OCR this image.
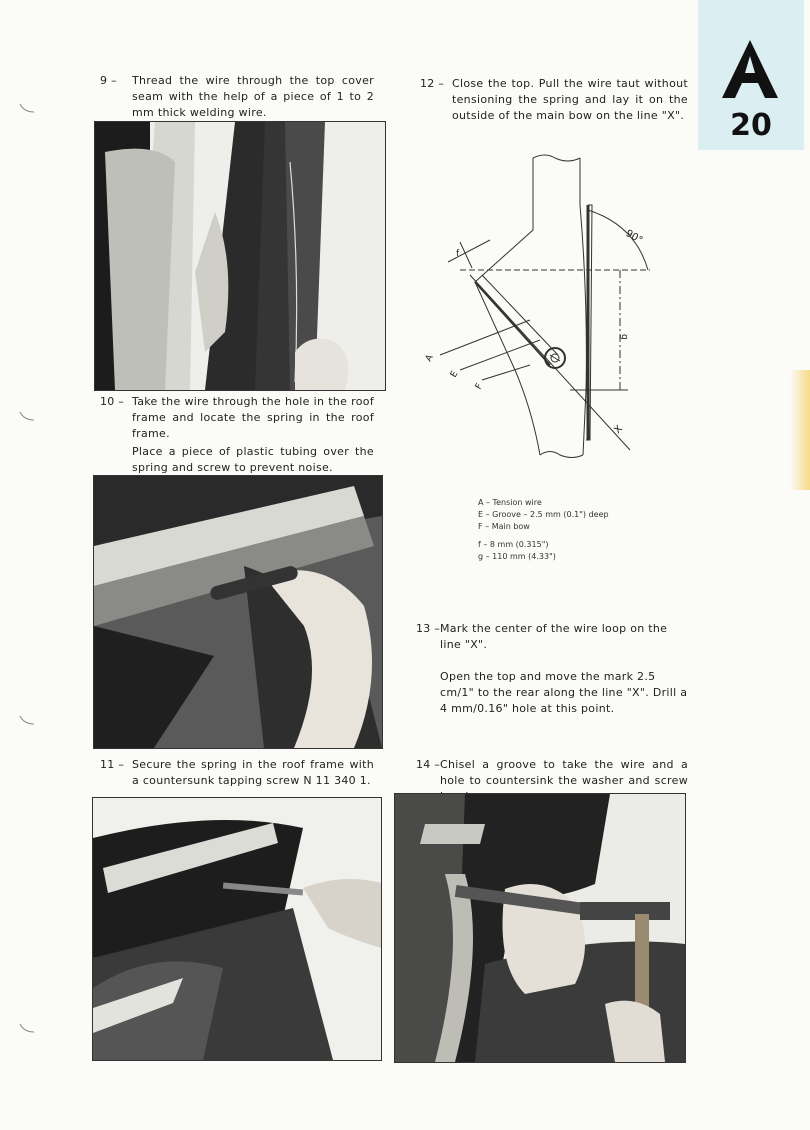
20
9 – Thread the wire through the top cover seam with the help of a piece of 1 to 2 mm thick welding wire.

10 – Take the wire through the hole in the roof frame and locate the spring in the roof frame.

Place a piece of plastic tubing over the spring and screw to prevent noise.

11 – Secure the spring in the roof frame with a countersunk tapping screw N 11 340 1.

12 – Close the top. Pull the wire taut without tensioning the spring and lay it on the outside of the main bow on the line "X".

90°
f
g
A
E
F
X
A – Tension wire
E – Groove – 2.5 mm (0.1") deep
F – Main bow
f – 8 mm (0.315")
g – 110 mm (4.33")
13 – Mark the center of the wire loop on the line "X".

Open the top and move the mark 2.5 cm/1" to the rear along the line "X". Drill a 4 mm/0.16" hole at this point.

14 – Chisel a groove to take the wire and a hole to countersink the washer and screw
